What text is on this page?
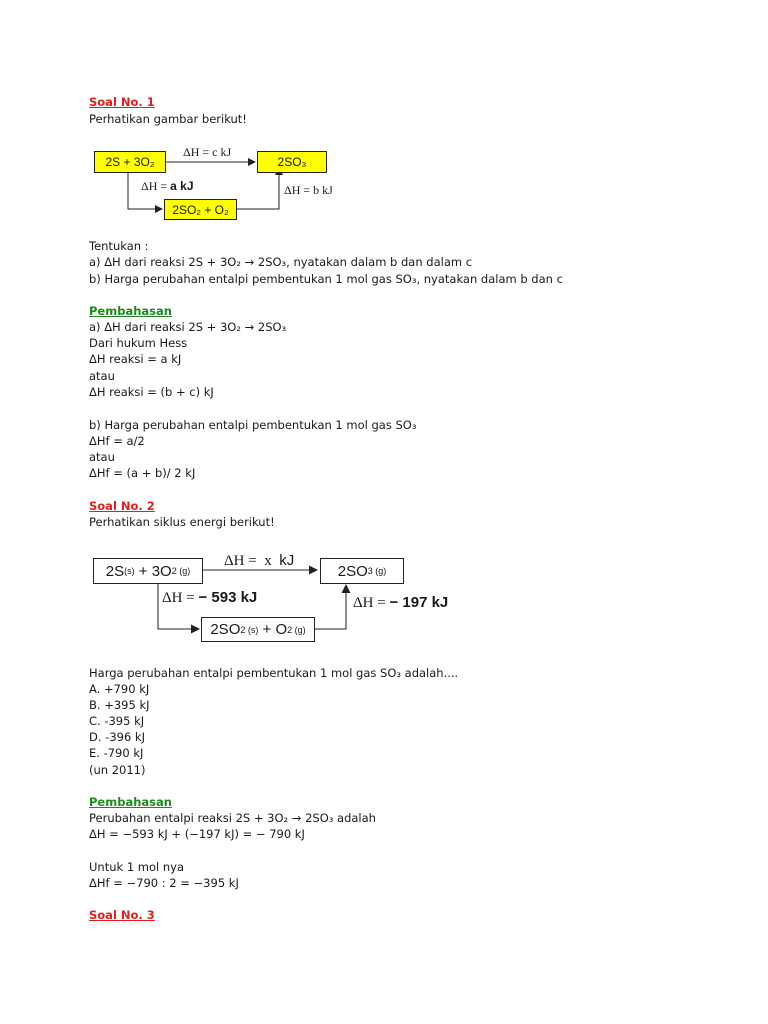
Soal No. 1
Perhatikan gambar berikut!
2S + 3O₂	2SO₃
2SO₂ + O₂
ΔH = c kJ
ΔH = a kJ	ΔH = b kJ
Tentukan :
a) ΔH dari reaksi 2S + 3O₂ → 2SO₃, nyatakan dalam b dan dalam c
b) Harga perubahan entalpi pembentukan 1 mol gas SO₃, nyatakan dalam b dan c
Pembahasan
a) ΔH dari reaksi 2S + 3O₂ → 2SO₃
Dari hukum Hess
ΔH reaksi = a kJ
atau
ΔH reaksi = (b + c) kJ
b) Harga perubahan entalpi pembentukan 1 mol gas SO₃
ΔHf = a/2
atau
ΔHf = (a + b)/ 2 kJ
Soal No. 2
Perhatikan siklus energi berikut!
2S (s) + 3O 2 (g)	2SO 3 (g)
2SO 2 (s) + O 2 (g)
ΔH =  x  kJ
ΔH = − 593 kJ	ΔH = − 197 kJ
Harga perubahan entalpi pembentukan 1 mol gas SO₃ adalah....
A. +790 kJ
B. +395 kJ
C. -395 kJ
D. -396 kJ
E. -790 kJ
(un 2011)
Pembahasan
Perubahan entalpi reaksi 2S + 3O₂ → 2SO₃ adalah
ΔH = −593 kJ + (−197 kJ) = − 790 kJ
Untuk 1 mol nya
ΔHf = −790 : 2 = −395 kJ
Soal No. 3
